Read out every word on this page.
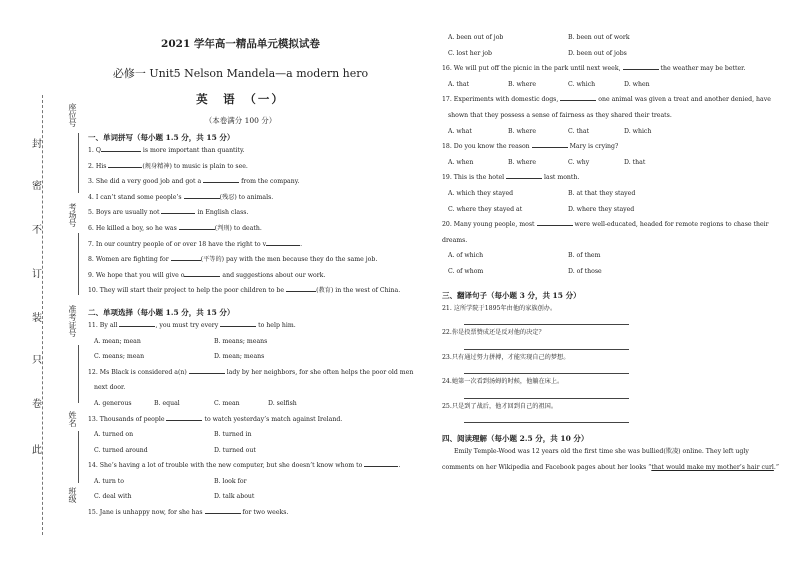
封
密
不
订
装
只
卷
此
座位号
考场号
准考证号
姓名
班级
2021 学年高一精品单元模拟试卷
必修一 Unit5 Nelson Mandela—a modern hero
英　语　（一）
（本卷满分 100 分）
一、单词拼写（每小题 1.5 分，共 15 分）
1. Q	is more important than quantity.
2. His	(规身精神) to music is plain to see.
3. She did a very good job and got a	from the company.
4. I can’t stand some people’s	(残忍) to animals.
5. Boys are usually not	in English class.
6. He killed a boy, so he was	(判刑) to death.
7. In our country people of or over 18 have the right to v	.
8. Women are fighting for	(平等的) pay with the men because they do the same job.
9. We hope that you will give o	and suggestions about our work.
10. They will start their project to help the poor children to be	(教育) in the west of China.
二、单项选择（每小题 1.5 分，共 15 分）
11. By all	, you must try every	to help him.
A. mean; mean	B. means; means
C. means; mean	D. mean; means
12. Ms Black is considered a(n)	lady by her neighbors, for she often helps the poor old men
next door.
A. generous	B. equal	C. mean	D. selfish
13. Thousands of people	to watch yesterday’s match against Ireland.
A. turned on	B. turned in
C. turned around	D. turned out
14. She’s having a lot of trouble with the new computer, but she doesn’t know whom to	.
A. turn to	B. look for
C. deal with	D. talk about
15. Jane is unhappy now, for she has	for two weeks.
A. been out of job	B. been out of work
C. lost her job	D. been out of jobs
16. We will put off the picnic in the park until next week,	the weather may be better.
A. that	B. where	C. which	D. when
17. Experiments with domestic dogs,	one animal was given a treat and another denied, have
shown that they possess a sense of fairness as they shared their treats.
A. what	B. where	C. that	D. which
18. Do you know the reason	Mary is crying?
A. when	B. where	C. why	D. that
19. This is the hotel	last month.
A. which they stayed	B. at that they stayed
C. where they stayed at	D. where they stayed
20. Many young people, most	were well-educated, headed for remote regions to chase their
dreams.
A. of which	B. of them
C. of whom	D. of those
三、翻译句子（每小题 3 分，共 15 分）
21. 这所学院于1895年由他的家族创办。
22.你是投票赞成还是反对他的决定？
23.只有通过努力拼搏，才能实现自己的梦想。
24.她第一次看到汤姆的时候，他躺在床上。
25.只是到了战后，他才回到自己的祖国。
四、阅读理解（每小题 2.5 分，共 10 分）
Emily Temple-Wood was 12 years old the first time she was bullied(欺凌) online. They left ugly
comments on her Wikipedia and Facebook pages about her looks “that would make my mother’s hair curl.”
